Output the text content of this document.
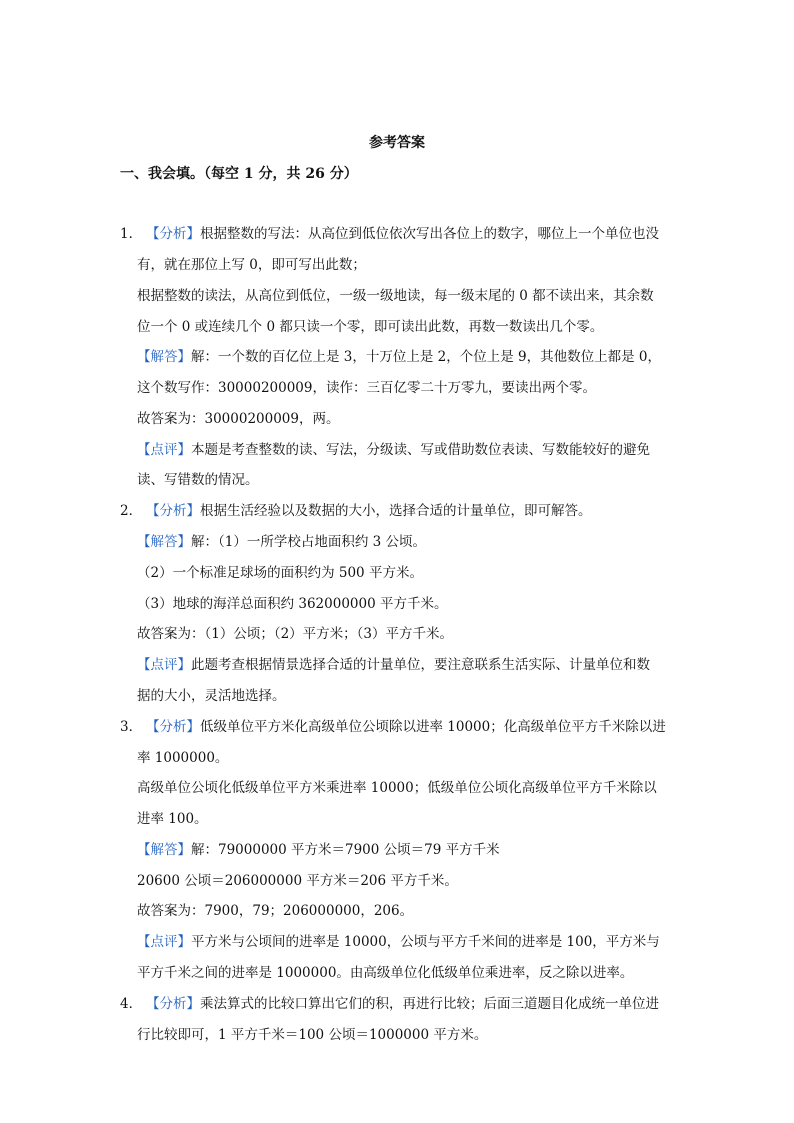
参考答案
一、我会填。（每空 1 分，共 26 分）
1． 【分析】根据整数的写法：从高位到低位依次写出各位上的数字，哪位上一个单位也没
有，就在那位上写 0，即可写出此数；
根据整数的读法，从高位到低位，一级一级地读，每一级末尾的 0 都不读出来，其余数
位一个 0 或连续几个 0 都只读一个零，即可读出此数，再数一数读出几个零。
【解答】解：一个数的百亿位上是 3，十万位上是 2，个位上是 9，其他数位上都是 0，
这个数写作：30000200009，读作：三百亿零二十万零九，要读出两个零。
故答案为：30000200009，两。
【点评】本题是考查整数的读、写法，分级读、写或借助数位表读、写数能较好的避免
读、写错数的情况。
2． 【分析】根据生活经验以及数据的大小，选择合适的计量单位，即可解答。
【解答】解：（1）一所学校占地面积约 3 公顷。
（2）一个标准足球场的面积约为 500 平方米。
（3）地球的海洋总面积约 362000000 平方千米。
故答案为：（1）公顷；（2）平方米；（3）平方千米。
【点评】此题考查根据情景选择合适的计量单位，要注意联系生活实际、计量单位和数
据的大小，灵活地选择。
3． 【分析】低级单位平方米化高级单位公顷除以进率 10000；化高级单位平方千米除以进
率 1000000。
高级单位公顷化低级单位平方米乘进率 10000；低级单位公顷化高级单位平方千米除以
进率 100。
【解答】解：79000000 平方米＝7900 公顷＝79 平方千米
20600 公顷＝206000000 平方米＝206 平方千米。
故答案为：7900，79；206000000，206。
【点评】平方米与公顷间的进率是 10000，公顷与平方千米间的进率是 100，平方米与
平方千米之间的进率是 1000000。由高级单位化低级单位乘进率，反之除以进率。
4． 【分析】乘法算式的比较口算出它们的积，再进行比较；后面三道题目化成统一单位进
行比较即可，1 平方千米＝100 公顷＝1000000 平方米。
